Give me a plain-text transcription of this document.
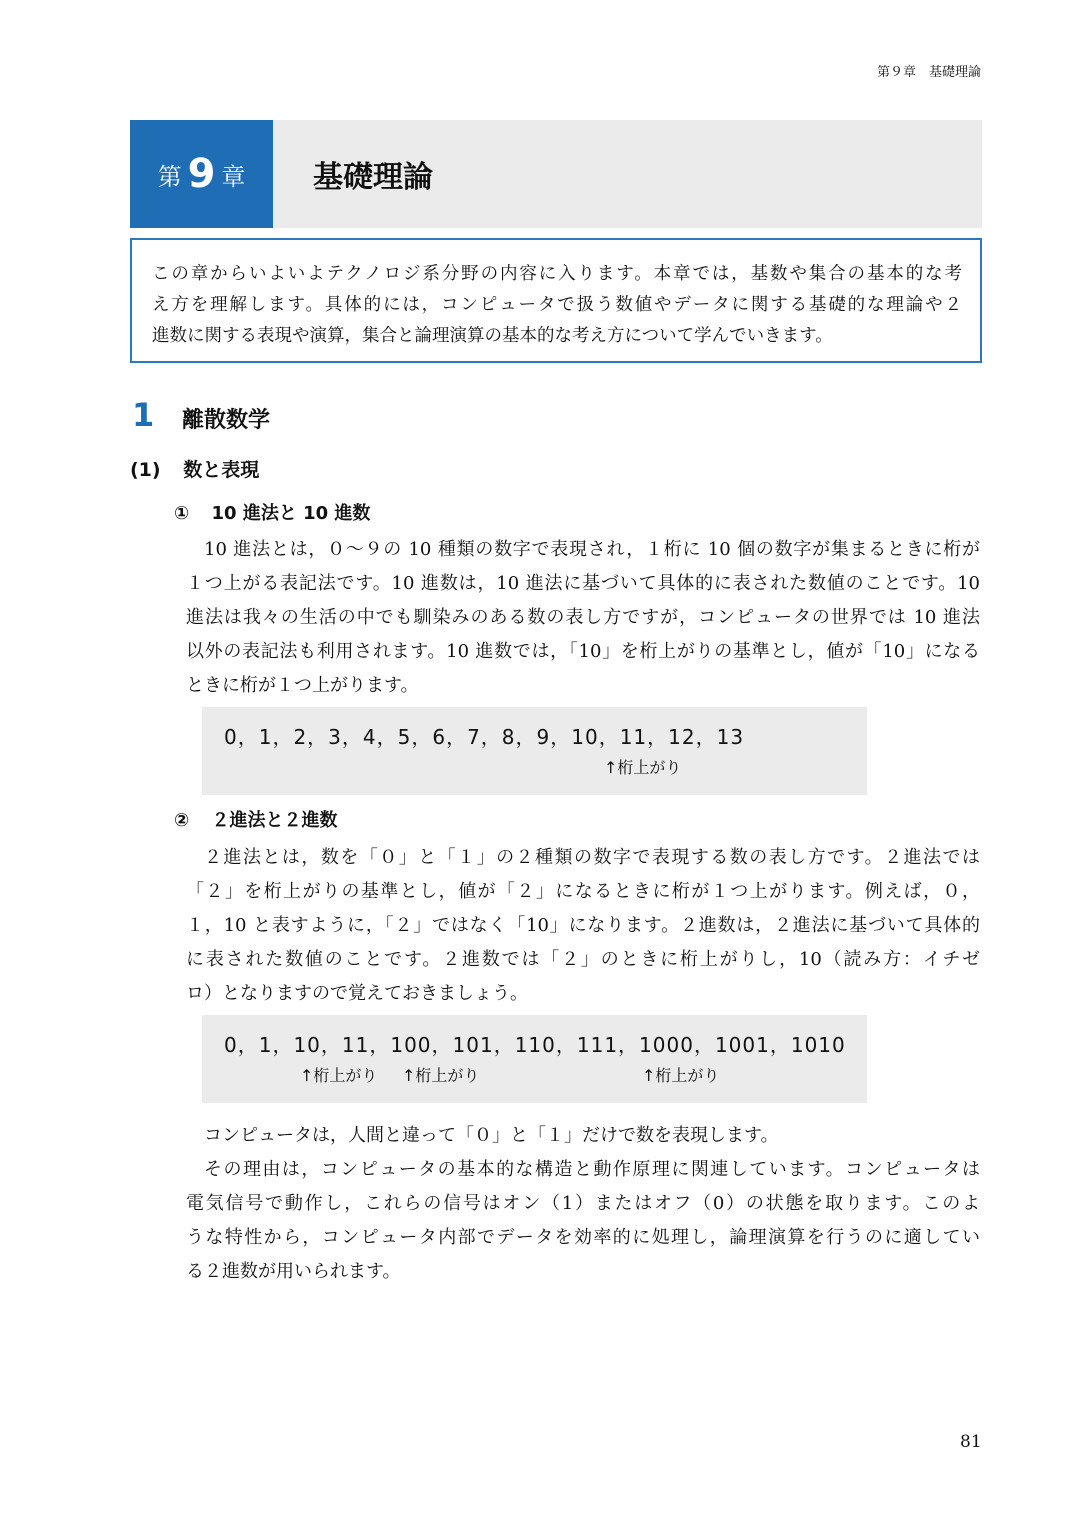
第９章　基礎理論
第 9 章 基礎理論
この章からいよいよテクノロジ系分野の内容に入ります。本章では，基数や集合の基本的な考
え方を理解します。具体的には，コンピュータで扱う数値やデータに関する基礎的な理論や２
進数に関する表現や演算，集合と論理演算の基本的な考え方について学んでいきます。
1 離散数学
(1) 数と表現
① 10 進法と 10 進数
10 進法とは，０～９の 10 種類の数字で表現され，１桁に 10 個の数字が集まるときに桁が
１つ上がる表記法です。10 進数は，10 進法に基づいて具体的に表された数値のことです。10
進法は我々の生活の中でも馴染みのある数の表し方ですが，コンピュータの世界では 10 進法
以外の表記法も利用されます。10 進数では，「10」を桁上がりの基準とし，値が「10」になる
ときに桁が１つ上がります。
0，1，2，3，4，5，6，7，8，9，10，11，12，13
↑桁上がり
② ２進法と２進数
２進法とは，数を「０」と「１」の２種類の数字で表現する数の表し方です。２進法では
「２」を桁上がりの基準とし，値が「２」になるときに桁が１つ上がります。例えば，０，
１，10 と表すように，「２」ではなく「10」になります。２進数は，２進法に基づいて具体的
に表された数値のことです。２進数では「２」のときに桁上がりし，10（読み方：イチゼ
ロ）となりますので覚えておきましょう。
0，1，10，11，100，101，110，111，1000，1001，1010
↑桁上がり ↑桁上がり	↑桁上がり
コンピュータは，人間と違って「０」と「１」だけで数を表現します。
その理由は，コンピュータの基本的な構造と動作原理に関連しています。コンピュータは
電気信号で動作し，これらの信号はオン（1）またはオフ（0）の状態を取ります。このよ
うな特性から，コンピュータ内部でデータを効率的に処理し，論理演算を行うのに適してい
る２進数が用いられます。
81
